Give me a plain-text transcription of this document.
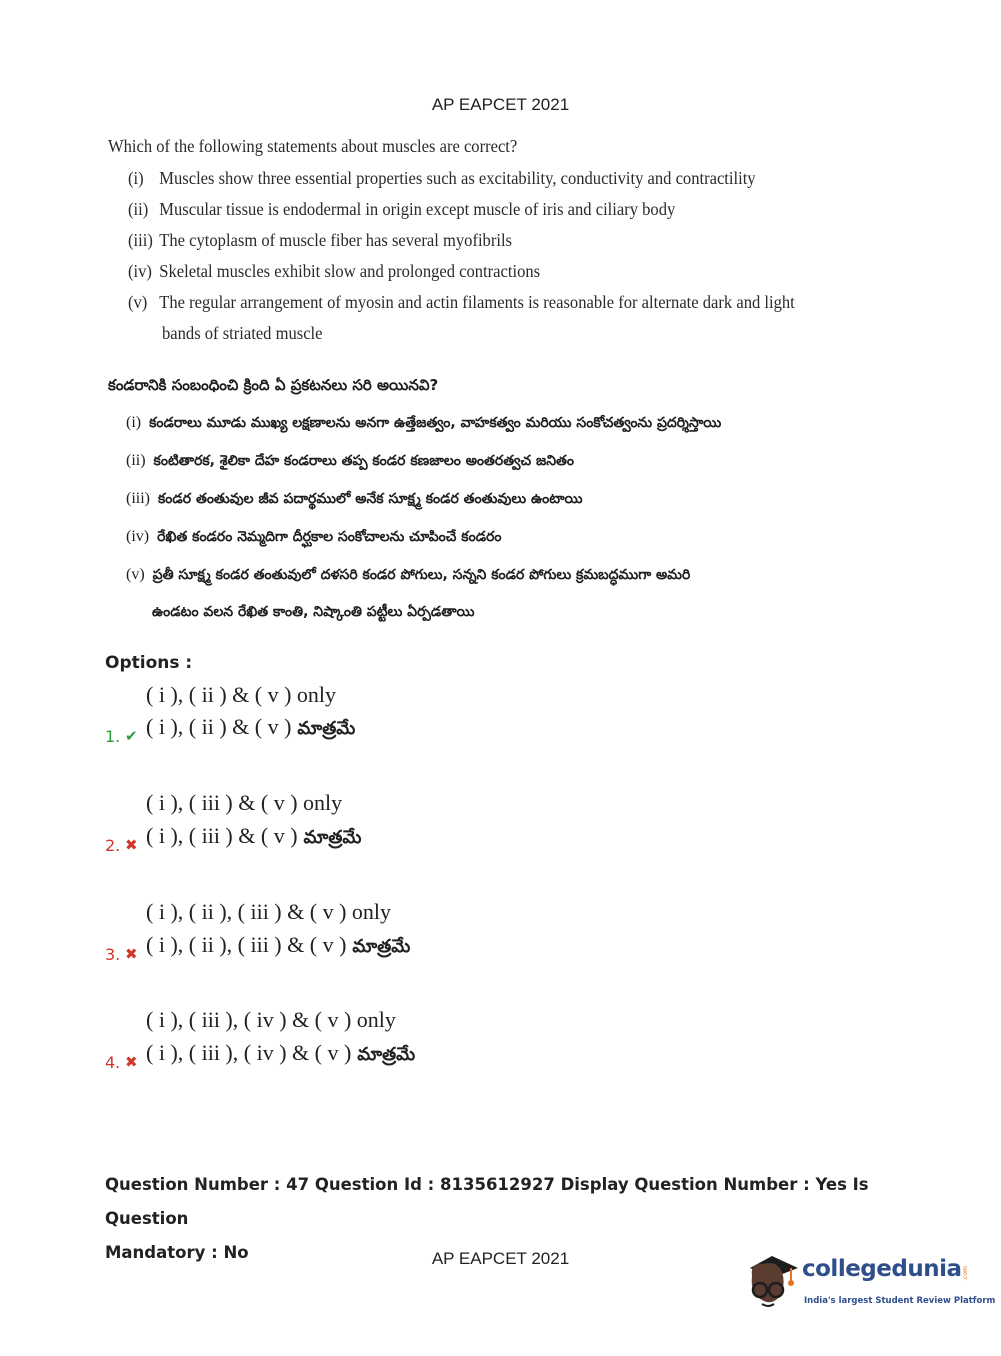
AP EAPCET 2021
Which of the following statements about muscles are correct?
(i) Muscles show three essential properties such as excitability, conductivity and contractility
(ii) Muscular tissue is endodermal in origin except muscle of iris and ciliary body
(iii) The cytoplasm of muscle fiber has several myofibrils
(iv) Skeletal muscles exhibit slow and prolonged contractions
(v) The regular arrangement of myosin and actin filaments is reasonable for alternate dark and light
bands of striated muscle
కండరానికి సంబంధించి క్రింది ఏ ప్రకటనలు సరి అయినవి?
(i) కండరాలు మూడు ముఖ్య లక్షణాలను అనగా ఉత్తేజత్వం, వాహకత్వం మరియు సంకోచత్వంను ప్రదర్శిస్తాయి
(ii) కంటితారక, శైలికా దేహ కండరాలు తప్ప కండర కణజాలం అంతరత్వచ జనితం
(iii) కండర తంతువుల జీవ పదార్థములో అనేక సూక్ష్మ కండర తంతువులు ఉంటాయి
(iv) రేఖిత కండరం నెమ్మదిగా దీర్ఘకాల సంకోచాలను చూపించే కండరం
(v) ప్రతీ సూక్ష్మ కండర తంతువులో దళసరి కండర పోగులు, సన్నని కండర పోగులు క్రమబద్ధముగా అమరి
ఉండటం వలన రేఖిత కాంతి, నిష్కాంతి పట్టీలు ఏర్పడతాయి
Options :
( i ), ( ii ) & ( v ) only
( i ), ( ii ) & ( v ) మాత్రమే
1. ✔
( i ), ( iii ) & ( v ) only
( i ), ( iii ) & ( v ) మాత్రమే
2. ✖
( i ), ( ii ), ( iii ) & ( v ) only
( i ), ( ii ), ( iii ) & ( v ) మాత్రమే
3. ✖
( i ), ( iii ), ( iv ) & ( v ) only
( i ), ( iii ), ( iv ) & ( v ) మాత్రమే
4. ✖
Question Number : 47 Question Id : 8135612927 Display Question Number : Yes Is Question
Mandatory : No	AP EAPCET 2021	collegedunia .com
India's largest Student Review Platform
